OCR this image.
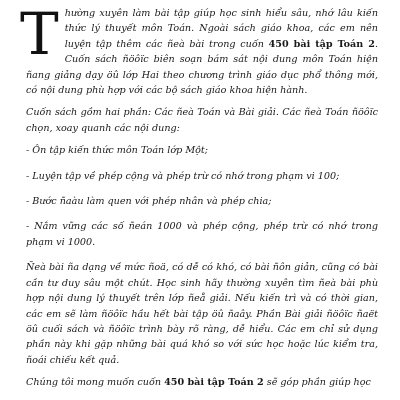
Thường xuyên làm bài tập giúp học sinh hiểu sâu, nhớ lâu kiến thức lý thuyết môn Toán. Ngoài sách giáo khoa, các em nên luyện tập thêm các ñeà bài trong cuốn 450 bài tập Toán 2. Cuốn sách ñöôïc biên soạn bám sát nội dung môn Toán hiện ñang giảng dạy öû lớp Hai theo chương trình giáo dục phổ thông mới, có nội dung phù hợp với các bộ sách giáo khoa hiện hành.

Cuốn sách gồm hai phần: Các ñeà Toán và Bài giải. Các ñeà Toán ñöôïc chọn, xoay quanh các nội dung:

- Ôn tập kiến thức môn Toán lớp Một;

- Luyện tập về phép cộng và phép trừ có nhớ trong phạm vi 100;

- Bước ñaàu làm quen với phép nhân và phép chia;

- Nắm vững các số ñeán 1000 và phép cộng, phép trừ có nhớ trong phạm vi 1000.

Ñeà bài ña dạng về mức ñoä, có dễ có khó, có bài ñôn giản, cũng có bài cần tư duy sâu một chút. Học sinh hãy thường xuyên tìm ñeà bài phù hợp nội dung lý thuyết trên lớp ñeå giải. Nếu kiến trì và có thời gian, các em sẽ làm ñöôïc hầu hết bài tập öû ñaây. Phần Bài giải ñöôïc ñaët öû cuối sách và ñöôïc trình bày rõ ràng, dễ hiểu. Các em chỉ sử dụng phần này khi gặp những bài quá khó so với sức học hoặc lúc kiểm tra, ñoái chiếu kết quả.

Chúng tôi mong muốn cuốn 450 bài tập Toán 2 sẽ góp phần giúp học
